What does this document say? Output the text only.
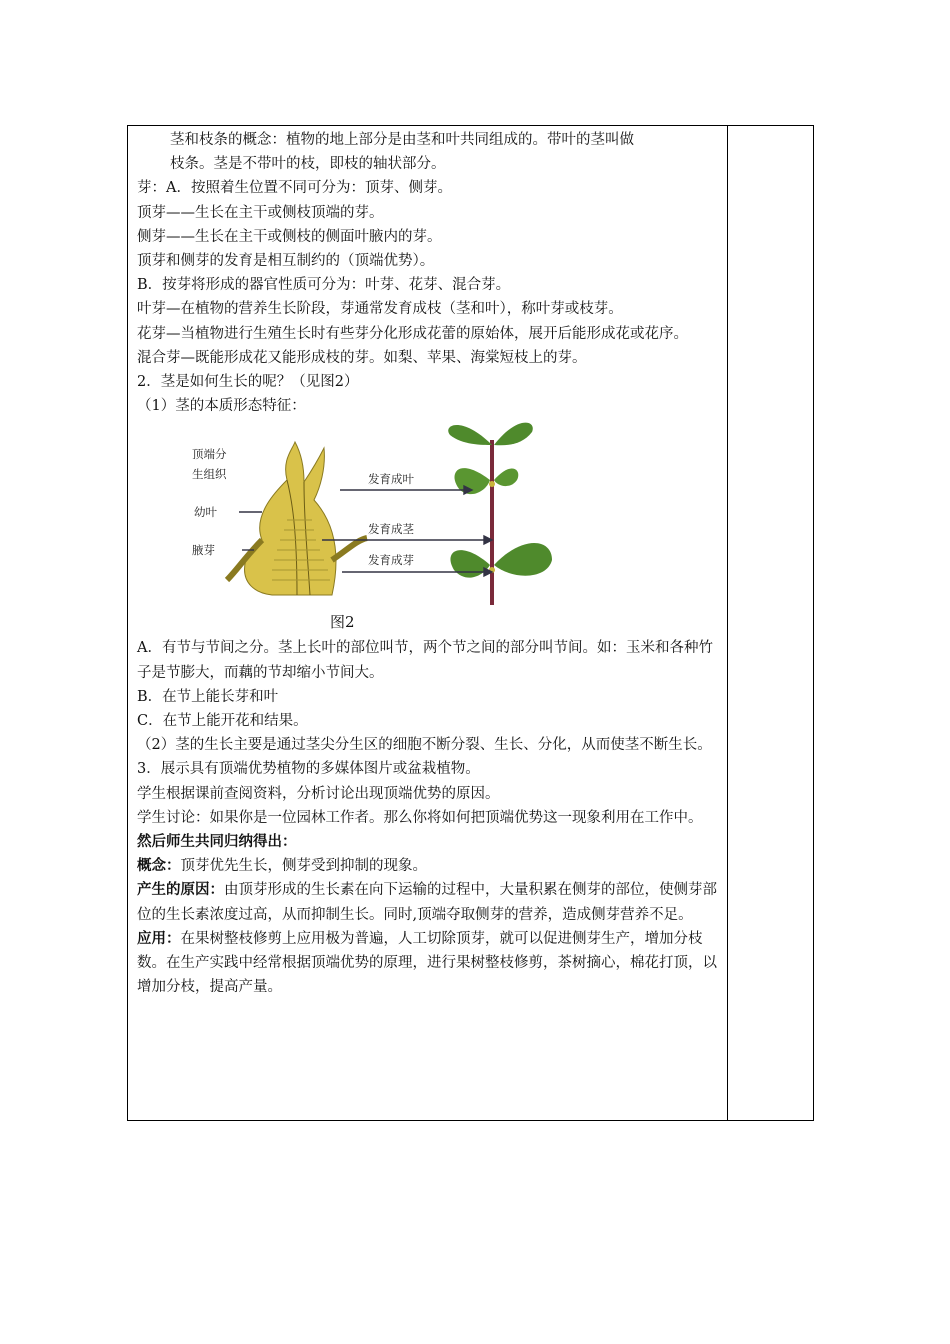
茎和枝条的概念：植物的地上部分是由茎和叶共同组成的。带叶的茎叫做

枝条。茎是不带叶的枝，即枝的轴状部分。

芽：A．按照着生位置不同可分为：顶芽、侧芽。

顶芽——生长在主干或侧枝顶端的芽。

侧芽——生长在主干或侧枝的侧面叶腋内的芽。

顶芽和侧芽的发育是相互制约的（顶端优势）。

B．按芽将形成的器官性质可分为：叶芽、花芽、混合芽。

叶芽—在植物的营养生长阶段，芽通常发育成枝（茎和叶），称叶芽或枝芽。

花芽—当植物进行生殖生长时有些芽分化形成花蕾的原始体，展开后能形成花或花序。

混合芽—既能形成花又能形成枝的芽。如梨、苹果、海棠短枝上的芽。

2．茎是如何生长的呢？（见图2）

（1）茎的本质形态特征：

顶端分
生组织
幼叶
腋芽
发育成叶
发育成茎
发育成芽
图2

A．有节与节间之分。茎上长叶的部位叫节，两个节之间的部分叫节间。如：玉米和各种竹子是节膨大，而藕的节却缩小节间大。

B．在节上能长芽和叶

C．在节上能开花和结果。

（2）茎的生长主要是通过茎尖分生区的细胞不断分裂、生长、分化，从而使茎不断生长。

3．展示具有顶端优势植物的多媒体图片或盆栽植物。

学生根据课前查阅资料，分析讨论出现顶端优势的原因。

学生讨论：如果你是一位园林工作者。那么你将如何把顶端优势这一现象利用在工作中。

然后师生共同归纳得出：

概念：顶芽优先生长，侧芽受到抑制的现象。

产生的原因：由顶芽形成的生长素在向下运输的过程中，大量积累在侧芽的部位，使侧芽部位的生长素浓度过高，从而抑制生长。同时,顶端夺取侧芽的营养，造成侧芽营养不足。

应用：在果树整枝修剪上应用极为普遍，人工切除顶芽，就可以促进侧芽生产，增加分枝数。在生产实践中经常根据顶端优势的原理，进行果树整枝修剪，茶树摘心，棉花打顶，以增加分枝，提高产量。
